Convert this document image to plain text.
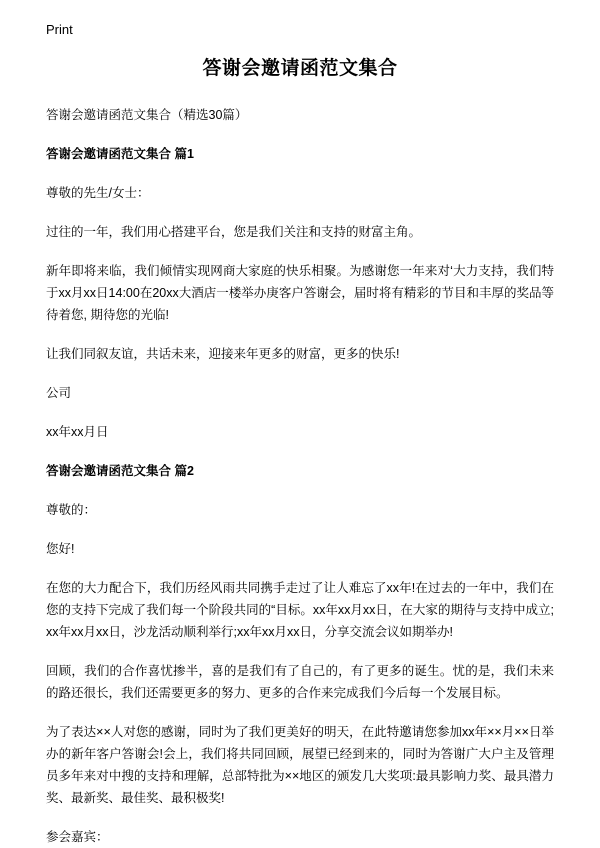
Print
答谢会邀请函范文集合

答谢会邀请函范文集合（精选30篇）

答谢会邀请函范文集合 篇1

尊敬的先生/女士：

过往的一年，我们用心搭建平台，您是我们关注和支持的财富主角。

新年即将来临，我们倾情实现网商大家庭的快乐相聚。为感谢您一年来对‘大力支持，我们特于xx月xx日14:00在20xx大酒店一楼举办庚客户答谢会，届时将有精彩的节目和丰厚的奖品等待着您, 期待您的光临!

让我们同叙友谊，共话未来，迎接来年更多的财富，更多的快乐!

公司

xx年xx月日

答谢会邀请函范文集合 篇2

尊敬的：

您好!

在您的大力配合下，我们历经风雨共同携手走过了让人难忘了xx年!在过去的一年中，我们在您的支持下完成了我们每一个阶段共同的“目标。xx年xx月xx日，在大家的期待与支持中成立;xx年xx月xx日，沙龙活动顺利举行;xx年xx月xx日，分享交流会议如期举办!

回顾，我们的合作喜忧掺半，喜的是我们有了自己的，有了更多的诞生。忧的是，我们未来的路还很长，我们还需要更多的努力、更多的合作来完成我们今后每一个发展目标。

为了表达××人对您的感谢，同时为了我们更美好的明天，在此特邀请您参加xx年××月××日举办的新年客户答谢会!会上，我们将共同回顾，展望已经到来的，同时为答谢广大户主及管理员多年来对中搜的支持和理解，总部特批为××地区的颁发几大奖项:最具影响力奖、最具潜力奖、最新奖、最佳奖、最积极奖!

参会嘉宾：
